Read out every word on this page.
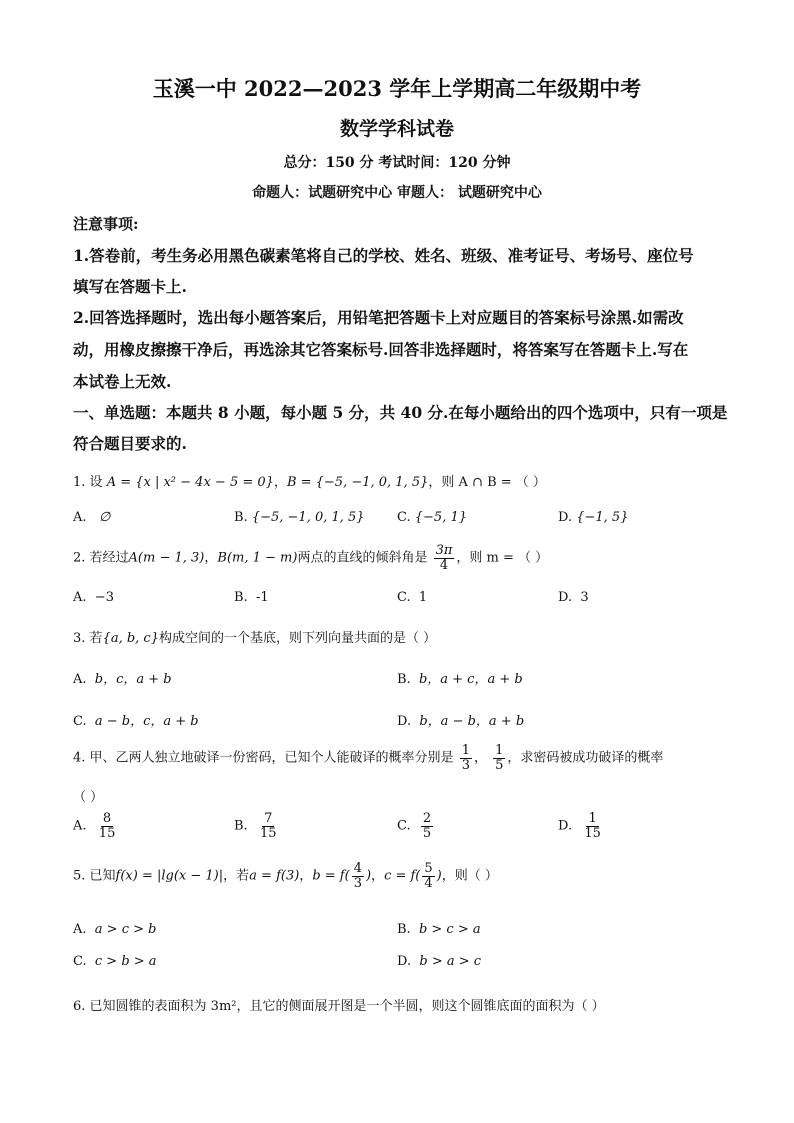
玉溪一中 2022—2023 学年上学期高二年级期中考
数学学科试卷
总分：150 分 考试时间：120 分钟
命题人：试题研究中心 审题人： 试题研究中心
注意事项:
1.答卷前，考生务必用黑色碳素笔将自己的学校、姓名、班级、准考证号、考场号、座位号
填写在答题卡上.
2.回答选择题时，选出每小题答案后，用铅笔把答题卡上对应题目的答案标号涂黑.如需改
动，用橡皮擦擦干净后，再选涂其它答案标号.回答非选择题时，将答案写在答题卡上.写在
本试卷上无效.
一、单选题：本题共 8 小题，每小题 5 分，共 40 分.在每小题给出的四个选项中，只有一项是
符合题目要求的.
1. 设 A = {x | x² − 4x − 5 = 0}，B = {−5, −1, 0, 1, 5}，则 A ∩ B = （ ）
A. ∅	B. {−5, −1, 0, 1, 5} C. {−5, 1}	D. {−1, 5}
2. 若经过A(m − 1, 3)，B(m, 1 − m)两点的直线的倾斜角是 $\frac{3\pi}{4}$ ，则 m = （ ）
A. −3	B. -1	C. 1	D. 3
3. 若{a, b, c}构成空间的一个基底，则下列向量共面的是（ ）
A. b，c，a + b	B. b，a + c，a + b
C. a − b，c，a + b	D. b，a − b，a + b
4. 甲、乙两人独立地破译一份密码，已知个人能破译的概率分别是 $\frac{1}{3}$ ， $\frac{1}{5}$ ，求密码被成功破译的概率
（ ）
A. $\frac{8}{15}$	B. $\frac{7}{15}$	C. $\frac{2}{5}$	D. $\frac{1}{15}$
5. 已知f(x) = |lg(x − 1)|，若a = f(3)，$b = f( \frac{4}{3}$ )，$c = f( \frac{5}{4}$ )，则（ ）
A. a > c > b	B. b > c > a
C. c > b > a	D. b > a > c
6. 已知圆锥的表面积为 3m²，且它的侧面展开图是一个半圆，则这个圆锥底面的面积为（ ）
